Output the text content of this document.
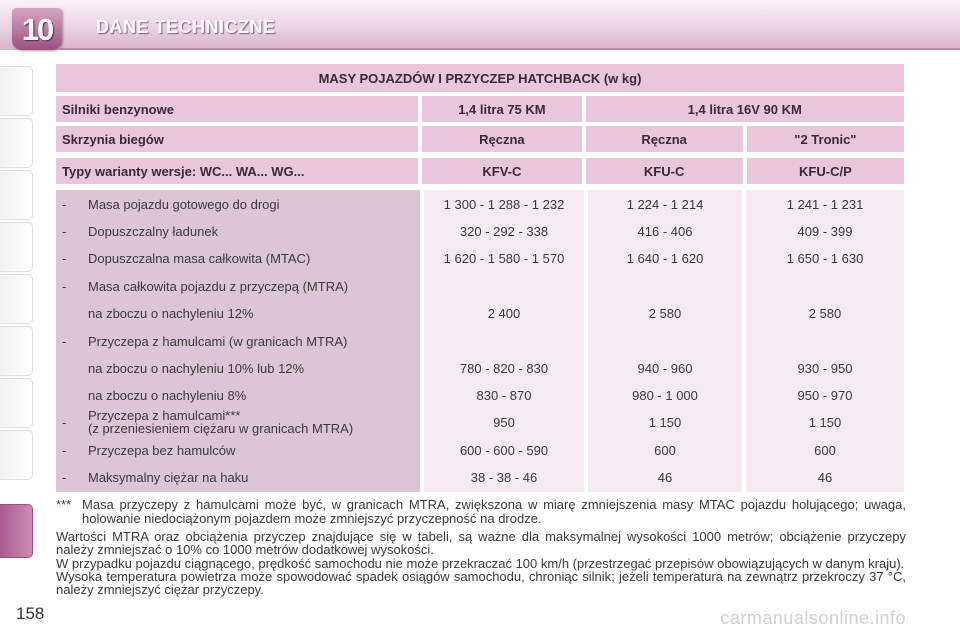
10	DANE TECHNICZNE
MASY POJAZDÓW I PRZYCZEP HATCHBACK (w kg)
Silniki benzynowe	1,4 litra 75 KM	1,4 litra 16V 90 KM
Skrzynia biegów	Ręczna	Ręczna	"2 Tronic"
Typy warianty wersje: WC... WA... WG...	KFV-C	KFU-C	KFU-C/P
- Masa pojazdu gotowego do drogi	1 300 - 1 288 - 1 232	1 224 - 1 214	1 241 - 1 231
- Dopuszczalny ładunek	320 - 292 - 338	416 - 406	409 - 399
- Dopuszczalna masa całkowita (MTAC)	1 620 - 1 580 - 1 570	1 640 - 1 620	1 650 - 1 630
- Masa całkowita pojazdu z przyczepą (MTRA)
na zboczu o nachyleniu 12%	2 400	2 580	2 580
- Przyczepa z hamulcami (w granicach MTRA)
na zboczu o nachyleniu 10% lub 12%	780 - 820 - 830	940 - 960	930 - 950
na zboczu o nachyleniu 8%	830 - 870	980 - 1 000	950 - 970
- Przyczepa z hamulcami***
(z przeniesieniem ciężaru w granicach MTRA)	950	1 150	1 150
- Przyczepa bez hamulców	600 - 600 - 590	600	600
- Maksymalny ciężar na haku	38 - 38 - 46	46	46
*** Masa przyczepy z hamulcami może być, w granicach MTRA, zwiększona w miarę zmniejszenia masy MTAC pojazdu holującego; uwaga, holowanie niedociążonym pojazdem może zmniejszyć przyczepność na drodze.

Wartości MTRA oraz obciążenia przyczep znajdujące się w tabeli, są ważne dla maksymalnej wysokości 1000 metrów; obciążenie przyczepy należy zmniejszać o 10% co 1000 metrów dodatkowej wysokości.

W przypadku pojazdu ciągnącego, prędkość samochodu nie może przekraczać 100 km/h (przestrzegać przepisów obowiązujących w danym kraju).

Wysoka temperatura powietrza może spowodować spadek osiągów samochodu, chroniąc silnik; jeżeli temperatura na zewnątrz przekroczy 37 °C, należy zmniejszyć ciężar przyczepy.

158	carmanualsonline.info
